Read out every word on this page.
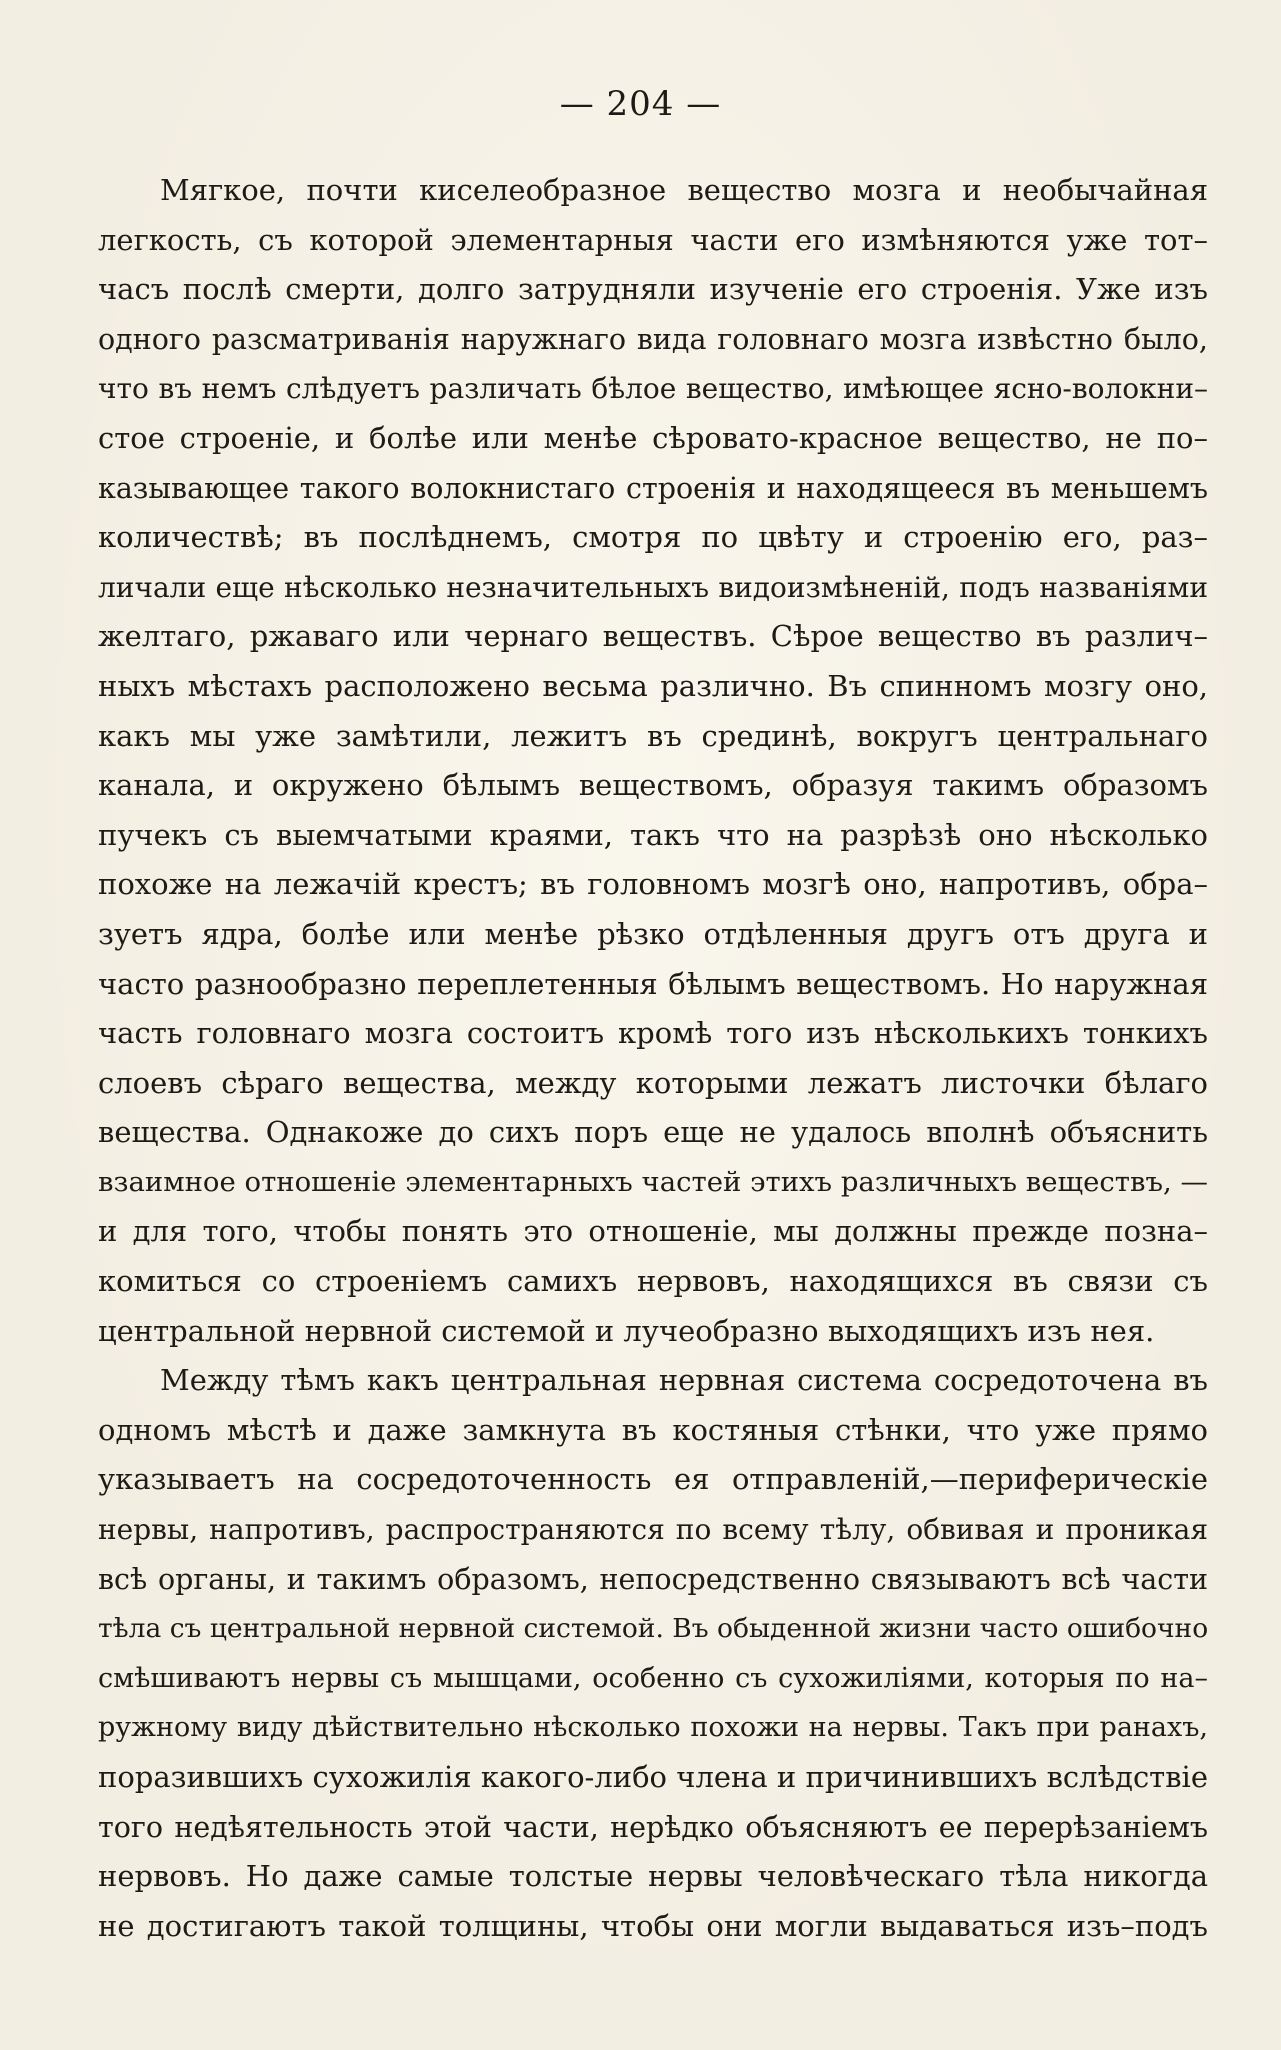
— 204 —
Мягкое, почти киселеобразное вещество мозга и необычайная
легкость, съ которой элементарныя части его измѣняются уже тот–
часъ послѣ смерти, долго затрудняли изученіе его строенія. Уже изъ
одного разсматриванія наружнаго вида головнаго мозга извѣстно было,
что въ немъ слѣдуетъ различать бѣлое вещество, имѣющее ясно-волокни–
стое строеніе, и болѣе или менѣе сѣровато-красное вещество, не по–
казывающее такого волокнистаго строенія и находящееся въ меньшемъ
количествѣ; въ послѣднемъ, смотря по цвѣту и строенію его, раз–
личали еще нѣсколько незначительныхъ видоизмѣненій, подъ названіями
желтаго, ржаваго или чернаго веществъ. Сѣрое вещество въ различ–
ныхъ мѣстахъ расположено весьма различно. Въ спинномъ мозгу оно,
какъ мы уже замѣтили, лежитъ въ срединѣ, вокругъ центральнаго
канала, и окружено бѣлымъ веществомъ, образуя такимъ образомъ
пучекъ съ выемчатыми краями, такъ что на разрѣзѣ оно нѣсколько
похоже на лежачій крестъ; въ головномъ мозгѣ оно, напротивъ, обра–
зуетъ ядра, болѣе или менѣе рѣзко отдѣленныя другъ отъ друга и
часто разнообразно переплетенныя бѣлымъ веществомъ. Но наружная
часть головнаго мозга состоитъ кромѣ того изъ нѣсколькихъ тонкихъ
слоевъ сѣраго вещества, между которыми лежатъ листочки бѣлаго
вещества. Однакоже до сихъ поръ еще не удалось вполнѣ объяснить
взаимное отношеніе элементарныхъ частей этихъ различныхъ веществъ, —
и для того, чтобы понять это отношеніе, мы должны прежде позна–
комиться со строеніемъ самихъ нервовъ, находящихся въ связи съ
центральной нервной системой и лучеобразно выходящихъ изъ нея.
Между тѣмъ какъ центральная нервная система сосредоточена въ
одномъ мѣстѣ и даже замкнута въ костяныя стѣнки, что уже прямо
указываетъ на сосредоточенность ея отправленій,—периферическіе
нервы, напротивъ, распространяются по всему тѣлу, обвивая и проникая
всѣ органы, и такимъ образомъ, непосредственно связываютъ всѣ части
тѣла съ центральной нервной системой. Въ обыденной жизни часто ошибочно
смѣшиваютъ нервы съ мышцами, особенно съ сухожиліями, которыя по на–
ружному виду дѣйствительно нѣсколько похожи на нервы. Такъ при ранахъ,
поразившихъ сухожилія какого-либо члена и причинившихъ вслѣдствіе
того недѣятельность этой части, нерѣдко объясняютъ ее перерѣзаніемъ
нервовъ. Но даже самые толстые нервы человѣческаго тѣла никогда
не достигаютъ такой толщины, чтобы они могли выдаваться изъ–подъ
